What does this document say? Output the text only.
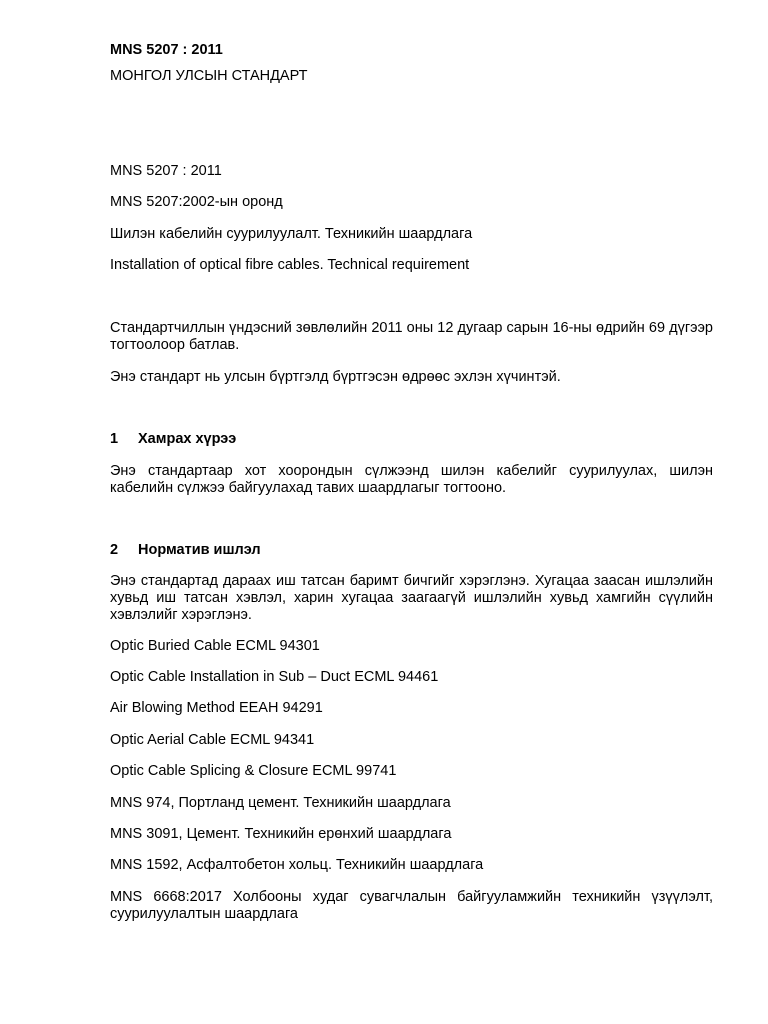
MNS 5207 : 2011

МОНГОЛ УЛСЫН СТАНДАРТ

MNS 5207 : 2011

MNS 5207:2002-ын оронд

Шилэн кабелийн суурилуулалт. Техникийн шаардлага

Installation of optical fibre cables. Technical requirement

Стандартчиллын үндэсний зөвлөлийн 2011 оны 12 дугаар сарын 16-ны өдрийн 69 дүгээр тогтоолоор батлав.

Энэ стандарт нь улсын бүртгэлд бүртгэсэн өдрөөс эхлэн хүчинтэй.

1 Хамрах хүрээ

Энэ стандартаар хот хоорондын сүлжээнд шилэн кабелийг суурилуулах, шилэн кабелийн сүлжээ байгуулахад тавих шаардлагыг тогтооно.

2 Норматив ишлэл

Энэ стандартад дараах иш татсан баримт бичгийг хэрэглэнэ. Хугацаа заасан ишлэлийн хувьд иш татсан хэвлэл, харин хугацаа заагаагүй ишлэлийн хувьд хамгийн сүүлийн хэвлэлийг хэрэглэнэ.

Optic Buried Cable ECML 94301

Optic Cable Installation in Sub – Duct ECML 94461

Air Blowing Method EEAH 94291

Optic Aerial Cable ECML 94341

Optic Cable Splicing & Closure ECML 99741

MNS 974, Портланд цемент. Техникийн шаардлага

MNS 3091, Цемент. Техникийн ерөнхий шаардлага

MNS 1592, Асфалтобетон хольц. Техникийн шаардлага

MNS 6668:2017 Холбооны худаг сувагчлалын байгууламжийн техникийн үзүүлэлт, суурилуулалтын шаардлага
